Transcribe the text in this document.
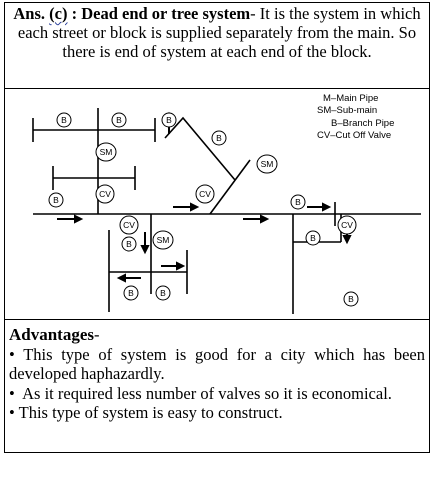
Ans. (c) : Dead end or tree system- It is the system in which each street or block is supplied separately from the main. So there is end of system at each end of the block.
B	B	B
SM
CV
B
B
SM
CV
B
CV
B	SM
B	B
B
CV
B
M–Main Pipe
SM–Sub-main
B–Branch Pipe
CV–Cut Off Valve
Advantages-

• This type of system is good for a city which has been developed haphazardly.

• As it required less number of valves so it is economical.

• This type of system is easy to construct.
